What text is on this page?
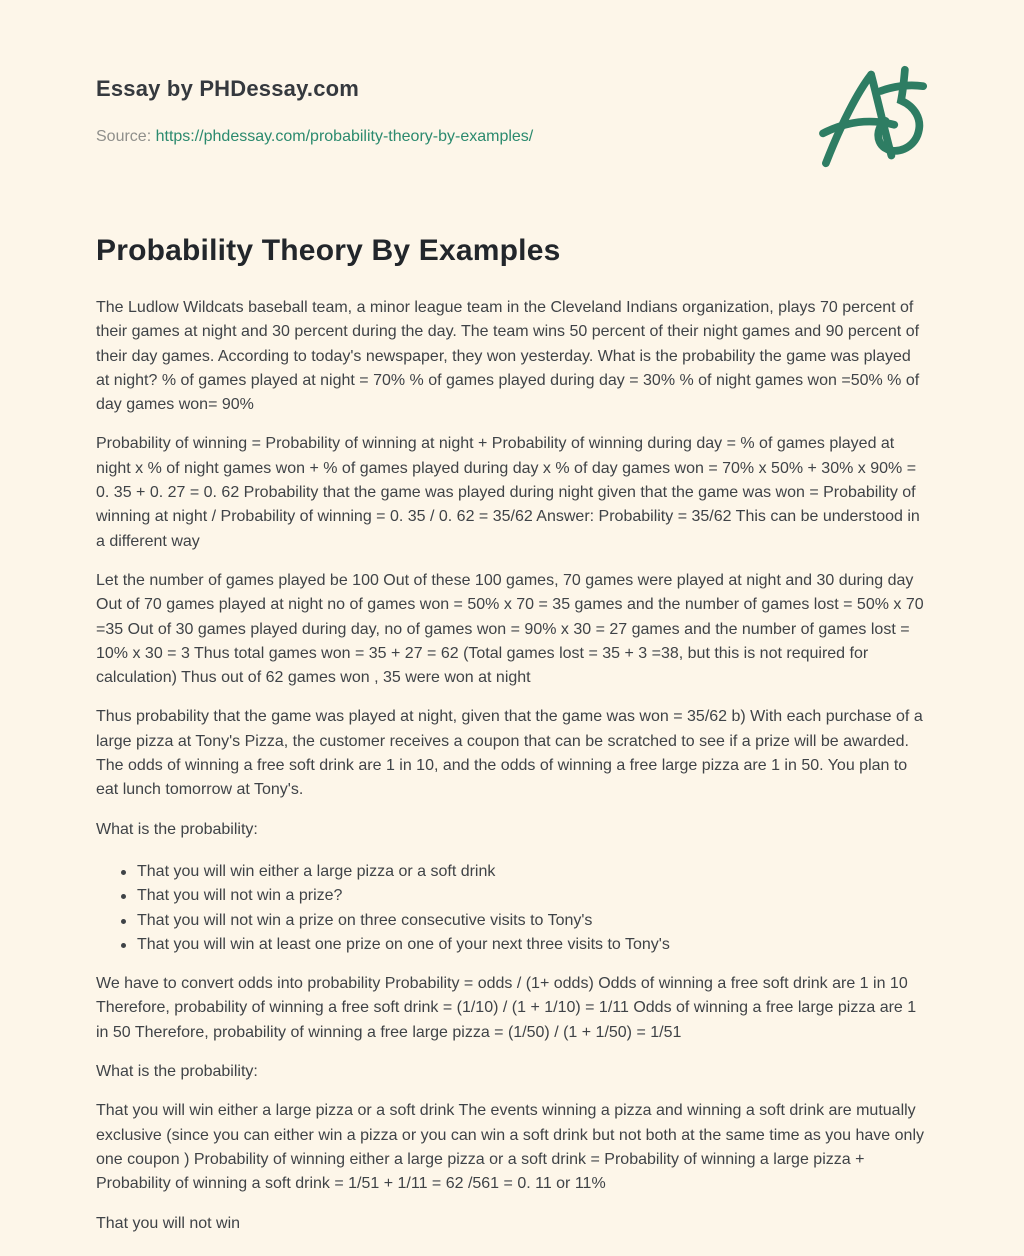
Essay by PHDessay.com
Source: https://phdessay.com/probability-theory-by-examples/
Probability Theory By Examples

The Ludlow Wildcats baseball team, a minor league team in the Cleveland Indians organization, plays 70 percent of their games at night and 30 percent during the day. The team wins 50 percent of their night games and 90 percent of their day games. According to today's newspaper, they won yesterday. What is the probability the game was played at night? % of games played at night = 70% % of games played during day = 30% % of night games won =50% % of day games won= 90%

Probability of winning = Probability of winning at night + Probability of winning during day = % of games played at night x % of night games won + % of games played during day x % of day games won = 70% x 50% + 30% x 90% = 0. 35 + 0. 27 = 0. 62 Probability that the game was played during night given that the game was won = Probability of winning at night / Probability of winning = 0. 35 / 0. 62 = 35/62 Answer: Probability = 35/62 This can be understood in a different way

Let the number of games played be 100 Out of these 100 games, 70 games were played at night and 30 during day Out of 70 games played at night no of games won = 50% x 70 = 35 games and the number of games lost = 50% x 70 =35 Out of 30 games played during day, no of games won = 90% x 30 = 27 games and the number of games lost = 10% x 30 = 3 Thus total games won = 35 + 27 = 62 (Total games lost = 35 + 3 =38, but this is not required for calculation) Thus out of 62 games won , 35 were won at night

Thus probability that the game was played at night, given that the game was won = 35/62 b) With each purchase of a large pizza at Tony's Pizza, the customer receives a coupon that can be scratched to see if a prize will be awarded. The odds of winning a free soft drink are 1 in 10, and the odds of winning a free large pizza are 1 in 50. You plan to eat lunch tomorrow at Tony's.

What is the probability:

That you will win either a large pizza or a soft drink
That you will not win a prize?
That you will not win a prize on three consecutive visits to Tony's
That you will win at least one prize on one of your next three visits to Tony's

We have to convert odds into probability Probability = odds / (1+ odds) Odds of winning a free soft drink are 1 in 10 Therefore, probability of winning a free soft drink = (1/10) / (1 + 1/10) = 1/11 Odds of winning a free large pizza are 1 in 50 Therefore, probability of winning a free large pizza = (1/50) / (1 + 1/50) = 1/51

What is the probability:

That you will win either a large pizza or a soft drink The events winning a pizza and winning a soft drink are mutually exclusive (since you can either win a pizza or you can win a soft drink but not both at the same time as you have only one coupon ) Probability of winning either a large pizza or a soft drink = Probability of winning a large pizza + Probability of winning a soft drink = 1/51 + 1/11 = 62 /561 = 0. 11 or 11%

That you will not win
